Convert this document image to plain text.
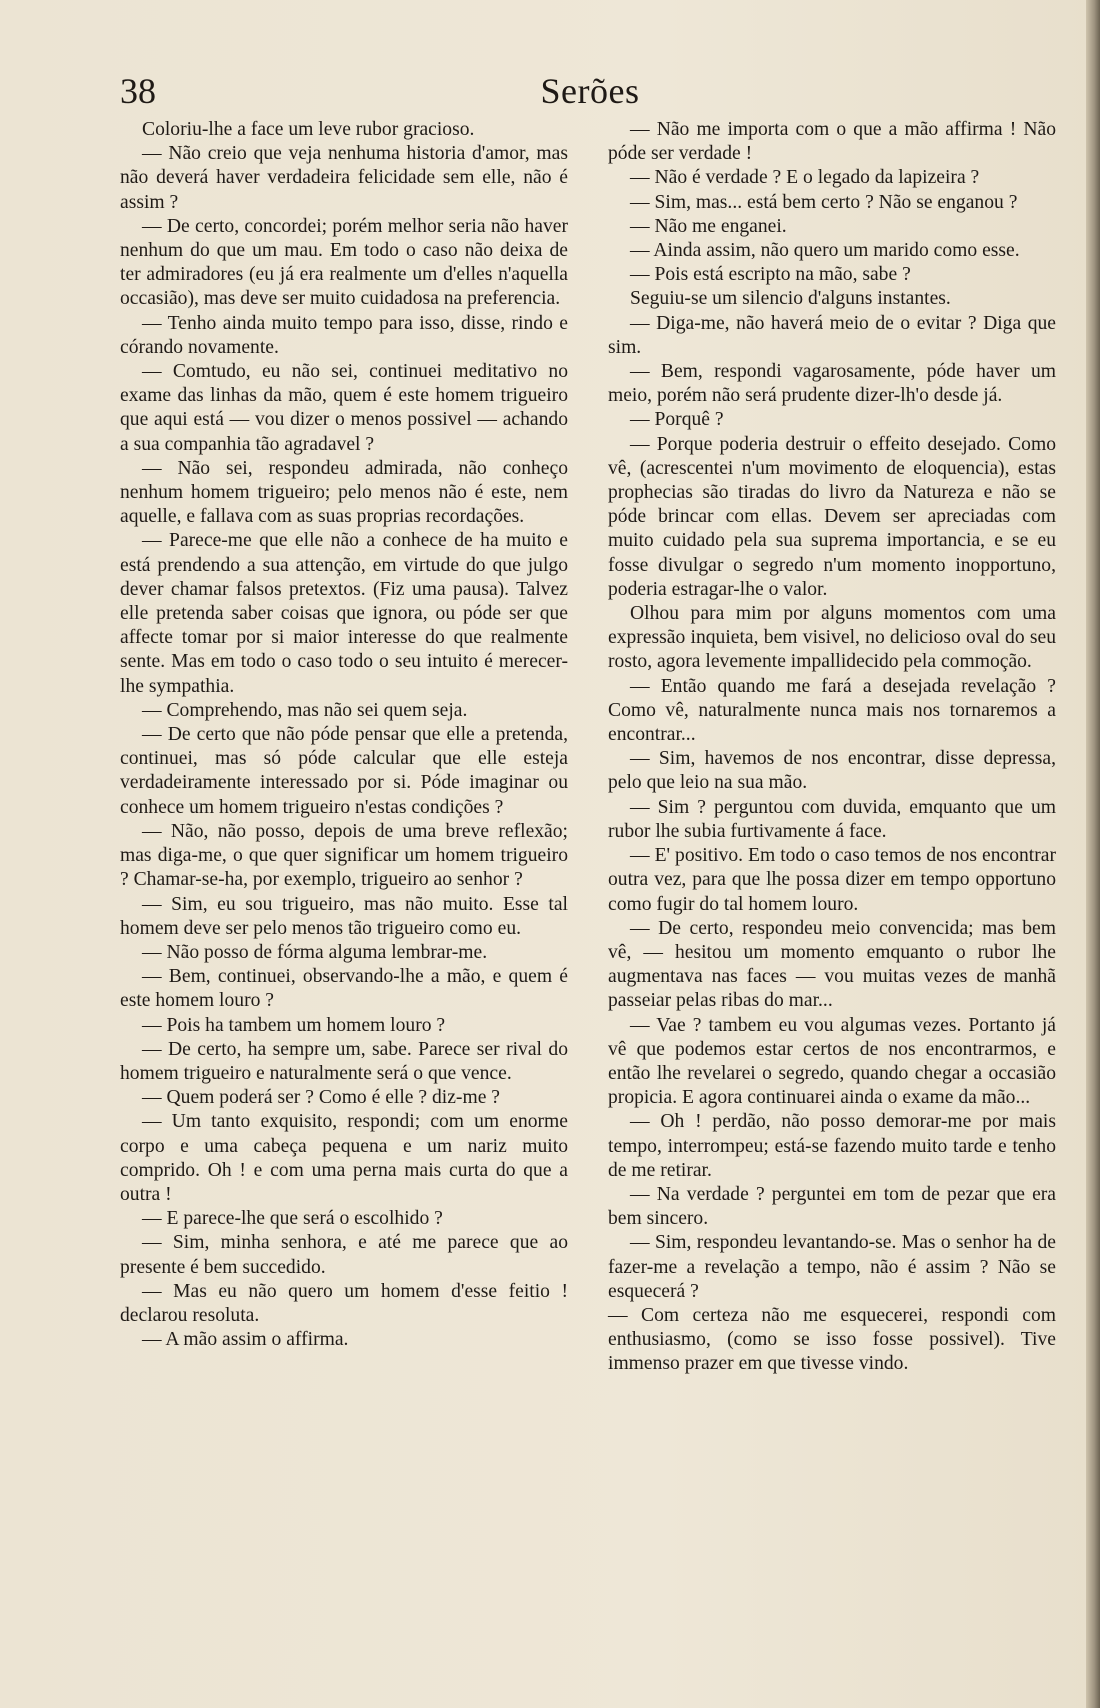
38	Serões

Coloriu-lhe a face um leve rubor gracioso.

— Não creio que veja nenhuma historia d'amor, mas não deverá haver verdadeira felicidade sem elle, não é assim ?

— De certo, concordei; porém melhor seria não haver nenhum do que um mau. Em todo o caso não deixa de ter admiradores (eu já era realmente um d'elles n'aquella occasião), mas deve ser muito cuidadosa na preferencia.

— Tenho ainda muito tempo para isso, disse, rindo e córando novamente.

— Comtudo, eu não sei, continuei meditativo no exame das linhas da mão, quem é este homem trigueiro que aqui está — vou dizer o menos possivel — achando a sua companhia tão agradavel ?

— Não sei, respondeu admirada, não conheço nenhum homem trigueiro; pelo menos não é este, nem aquelle, e fallava com as suas proprias recordações.

— Parece-me que elle não a conhece de ha muito e está prendendo a sua attenção, em virtude do que julgo dever chamar falsos pretextos. (Fiz uma pausa). Talvez elle pretenda saber coisas que ignora, ou póde ser que affecte tomar por si maior interesse do que realmente sente. Mas em todo o caso todo o seu intuito é merecer-lhe sympathia.

— Comprehendo, mas não sei quem seja.

— De certo que não póde pensar que elle a pretenda, continuei, mas só póde calcular que elle esteja verdadeiramente interessado por si. Póde imaginar ou conhece um homem trigueiro n'estas condições ?

— Não, não posso, depois de uma breve reflexão; mas diga-me, o que quer significar um homem trigueiro ? Chamar-se-ha, por exemplo, trigueiro ao senhor ?

— Sim, eu sou trigueiro, mas não muito. Esse tal homem deve ser pelo menos tão trigueiro como eu.

— Não posso de fórma alguma lembrar-me.

— Bem, continuei, observando-lhe a mão, e quem é este homem louro ?

— Pois ha tambem um homem louro ?

— De certo, ha sempre um, sabe. Parece ser rival do homem trigueiro e naturalmente será o que vence.

— Quem poderá ser ? Como é elle ? diz-me ?

— Um tanto exquisito, respondi; com um enorme corpo e uma cabeça pequena e um nariz muito comprido. Oh ! e com uma perna mais curta do que a outra !

— E parece-lhe que será o escolhido ?

— Sim, minha senhora, e até me parece que ao presente é bem succedido.

— Mas eu não quero um homem d'esse feitio ! declarou resoluta.

— A mão assim o affirma.

— Não me importa com o que a mão affirma ! Não póde ser verdade !

— Não é verdade ? E o legado da lapizeira ?

— Sim, mas... está bem certo ? Não se enganou ?

— Não me enganei.

— Ainda assim, não quero um marido como esse.

— Pois está escripto na mão, sabe ?

Seguiu-se um silencio d'alguns instantes.

— Diga-me, não haverá meio de o evitar ? Diga que sim.

— Bem, respondi vagarosamente, póde haver um meio, porém não será prudente dizer-lh'o desde já.

— Porquê ?

— Porque poderia destruir o effeito desejado. Como vê, (acrescentei n'um movimento de eloquencia), estas prophecias são tiradas do livro da Natureza e não se póde brincar com ellas. Devem ser apreciadas com muito cuidado pela sua suprema importancia, e se eu fosse divulgar o segredo n'um momento inopportuno, poderia estragar-lhe o valor.

Olhou para mim por alguns momentos com uma expressão inquieta, bem visivel, no delicioso oval do seu rosto, agora levemente impallidecido pela commoção.

— Então quando me fará a desejada revelação ? Como vê, naturalmente nunca mais nos tornaremos a encontrar...

— Sim, havemos de nos encontrar, disse depressa, pelo que leio na sua mão.

— Sim ? perguntou com duvida, emquanto que um rubor lhe subia furtivamente á face.

— E' positivo. Em todo o caso temos de nos encontrar outra vez, para que lhe possa dizer em tempo opportuno como fugir do tal homem louro.

— De certo, respondeu meio convencida; mas bem vê, — hesitou um momento emquanto o rubor lhe augmentava nas faces — vou muitas vezes de manhã passeiar pelas ribas do mar...

— Vae ? tambem eu vou algumas vezes. Portanto já vê que podemos estar certos de nos encontrarmos, e então lhe revelarei o segredo, quando chegar a occasião propicia. E agora continuarei ainda o exame da mão...

— Oh ! perdão, não posso demorar-me por mais tempo, interrompeu; está-se fazendo muito tarde e tenho de me retirar.

— Na verdade ? perguntei em tom de pezar que era bem sincero.

— Sim, respondeu levantando-se. Mas o senhor ha de fazer-me a revelação a tempo, não é assim ? Não se esquecerá ?

— Com certeza não me esquecerei, respondi com enthusiasmo, (como se isso fosse possivel). Tive immenso prazer em que tivesse vindo.
